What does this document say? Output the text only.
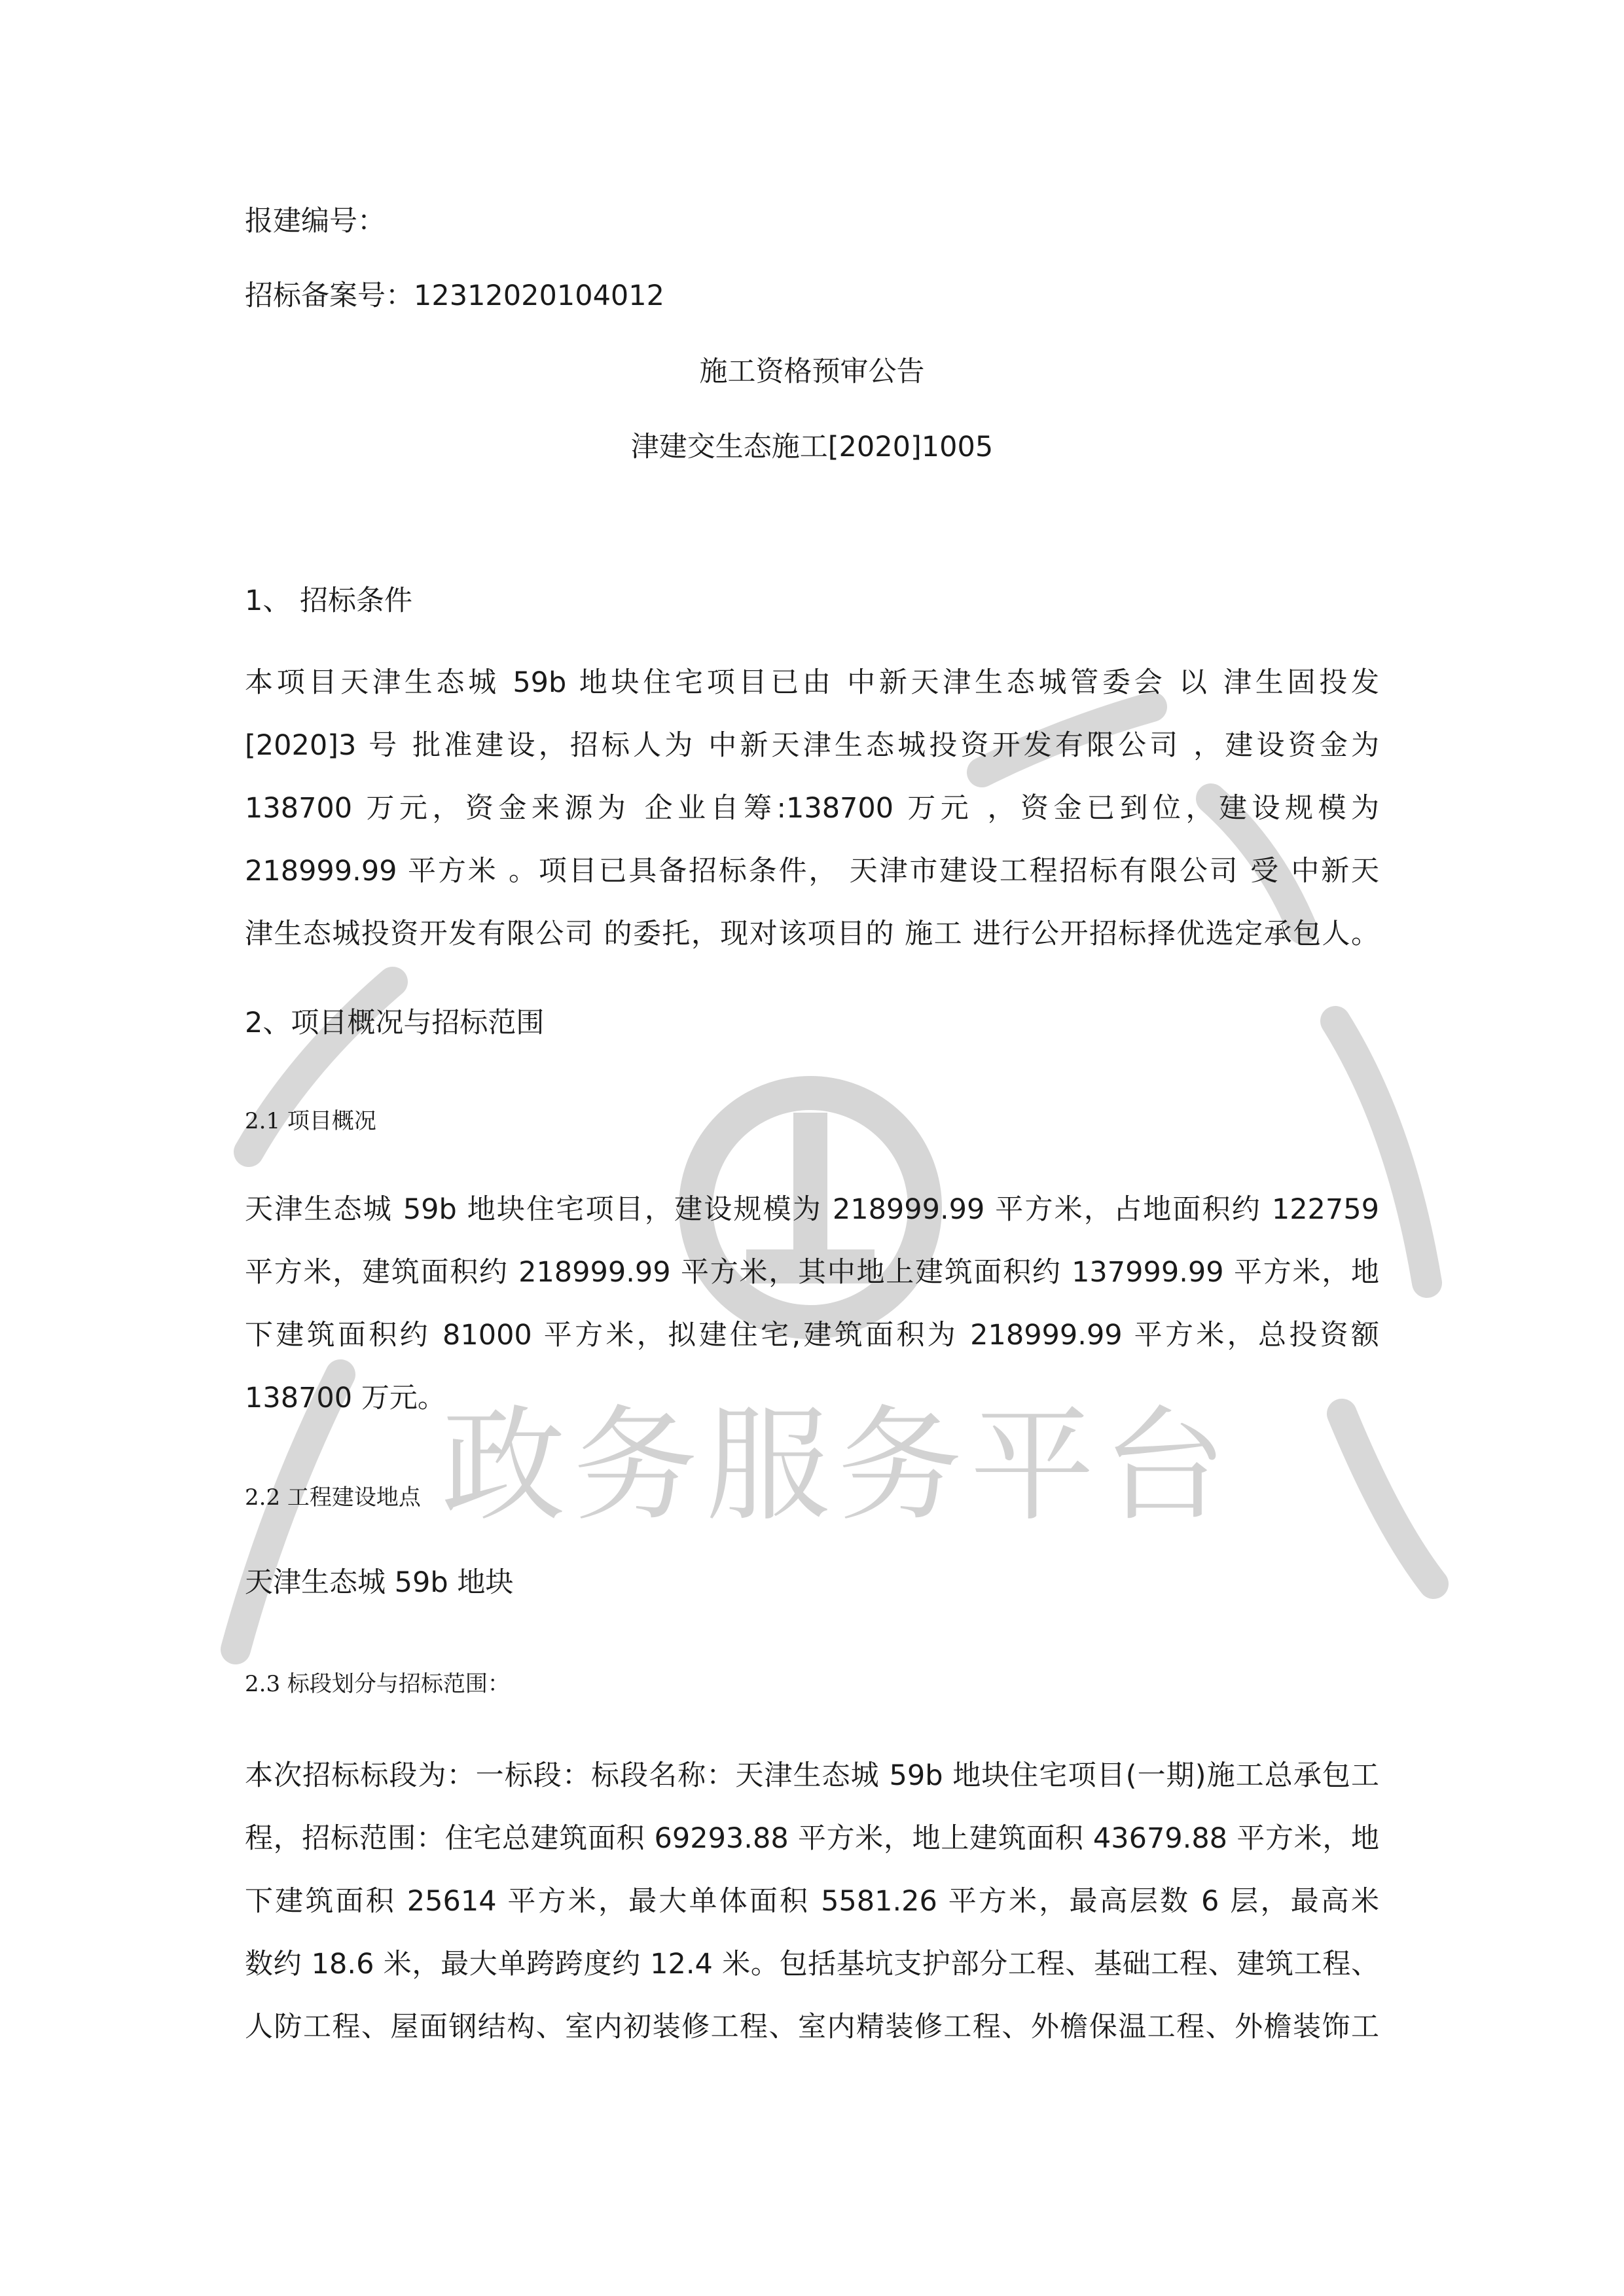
政务服务平台

报建编号：

招标备案号：12312020104012

施工资格预审公告

津建交生态施工[2020]1005

1、 招标条件

本项目天津生态城 59b 地块住宅项目已由 中新天津生态城管委会 以 津生固投发

[2020]3 号 批准建设，招标人为 中新天津生态城投资开发有限公司 ，建设资金为

138700 万元，资金来源为 企业自筹:138700 万元 ，资金已到位，建设规模为

218999.99 平方米 。项目已具备招标条件， 天津市建设工程招标有限公司 受 中新天

津生态城投资开发有限公司 的委托，现对该项目的 施工 进行公开招标择优选定承包人。

2、项目概况与招标范围

2.1 项目概况

天津生态城 59b 地块住宅项目，建设规模为 218999.99 平方米，占地面积约 122759

平方米，建筑面积约 218999.99 平方米，其中地上建筑面积约 137999.99 平方米，地

下建筑面积约 81000 平方米，拟建住宅,建筑面积为 218999.99 平方米，总投资额

138700 万元。

2.2 工程建设地点

天津生态城 59b 地块

2.3 标段划分与招标范围：

本次招标标段为：一标段：标段名称：天津生态城 59b 地块住宅项目(一期)施工总承包工

程，招标范围：住宅总建筑面积 69293.88 平方米，地上建筑面积 43679.88 平方米，地

下建筑面积 25614 平方米，最大单体面积 5581.26 平方米，最高层数 6 层，最高米

数约 18.6 米，最大单跨跨度约 12.4 米。包括基坑支护部分工程、基础工程、建筑工程、

人防工程、屋面钢结构、室内初装修工程、室内精装修工程、外檐保温工程、外檐装饰工
